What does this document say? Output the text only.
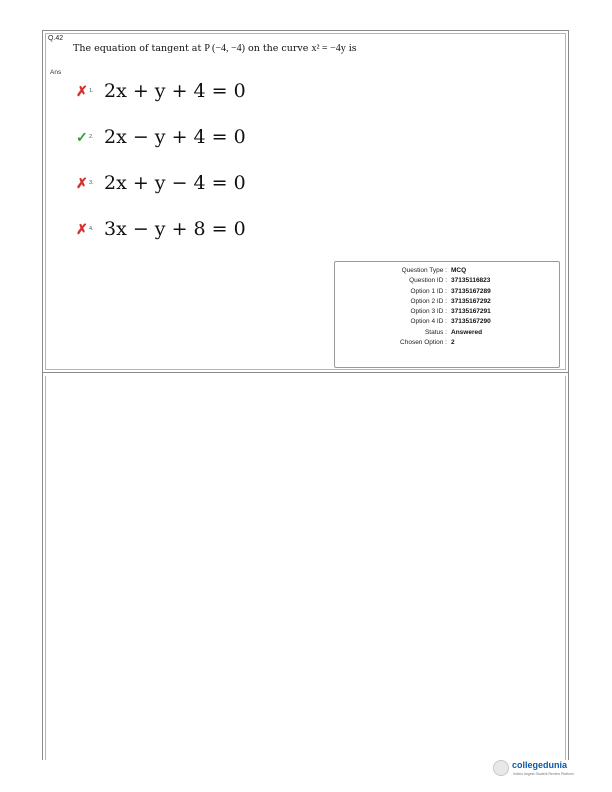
Q.42
The equation of tangent at P (−4, −4) on the curve x² = −4y is
Ans
✗ 1. 2x + y + 4 = 0
✓ 2. 2x − y + 4 = 0
✗ 3. 2x + y − 4 = 0
✗ 4. 3x − y + 8 = 0
Question Type :	MCQ
Question ID :	37135116823
Option 1 ID :	37135167289
Option 2 ID :	37135167292
Option 3 ID :	37135167291
Option 4 ID :	37135167290
Status :	Answered
Chosen Option :	2
collegedunia
India's largest Student Review Platform
